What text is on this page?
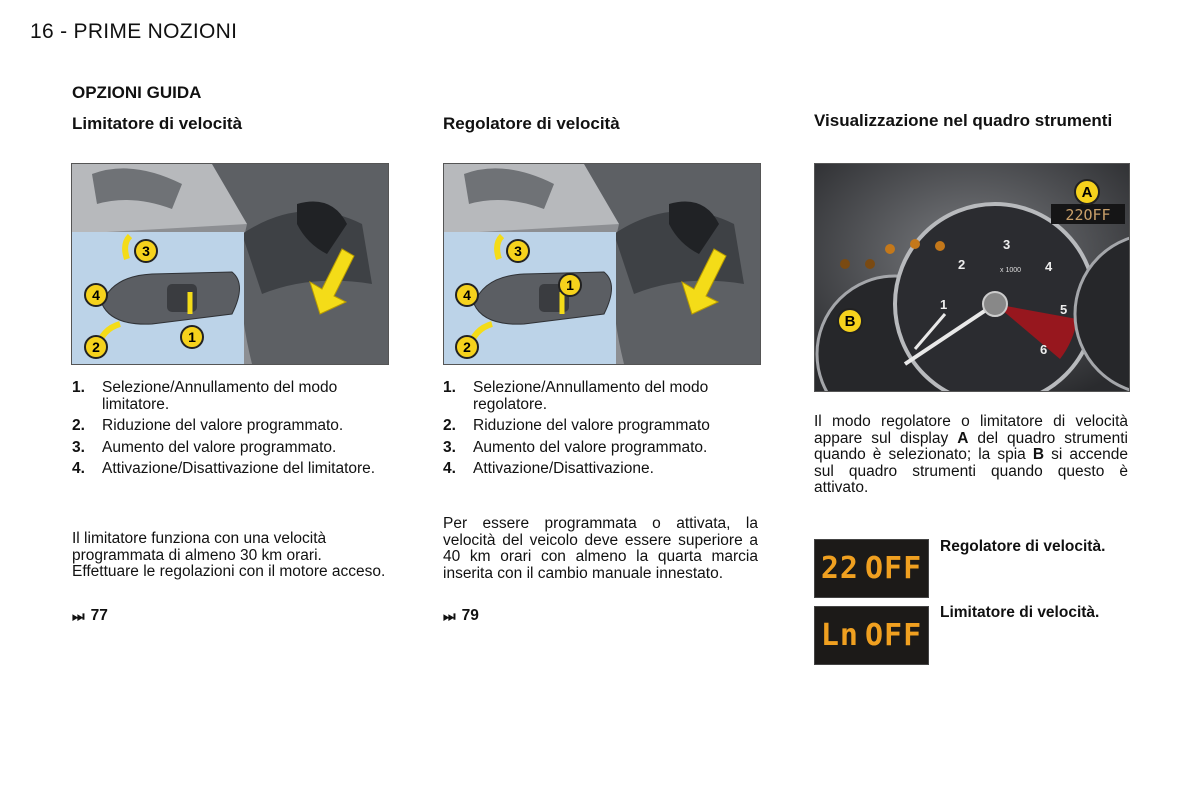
16 - PRIME NOZIONI
OPZIONI GUIDA
Limitatore di velocità
3
4
1
2
1.	Selezione/Annullamento del modo limitatore.
2.	Riduzione del valore programmato.
3.	Aumento del valore programmato.
4.	Attivazione/Disattivazione del limitatore.
Il limitatore funziona con una velocità programmata di almeno 30 km orari. Effettuare le regolazioni con il motore acceso.
⏭ 77
Regolatore di velocità
3
4
1
2
1.	Selezione/Annullamento del modo regolatore.
2.	Riduzione del valore programmato
3.	Aumento del valore programmato.
4.	Attivazione/Disattivazione.
Per essere programmata o attivata, la velocità del veicolo deve essere superiore a 40 km orari con almeno la quarta marcia inserita con il cambio manuale innestato.
⏭ 79
Visualizzazione nel quadro strumenti
22OFF
3
2	4
1	5
6
x 1000
A
B
Il modo regolatore o limitatore di velocità appare sul display A del quadro strumenti quando è selezionato; la spia B si accende sul quadro strumenti quando questo è attivato.
22 OFF
Regolatore di velocità.
Ln OFF
Limitatore di velocità.
